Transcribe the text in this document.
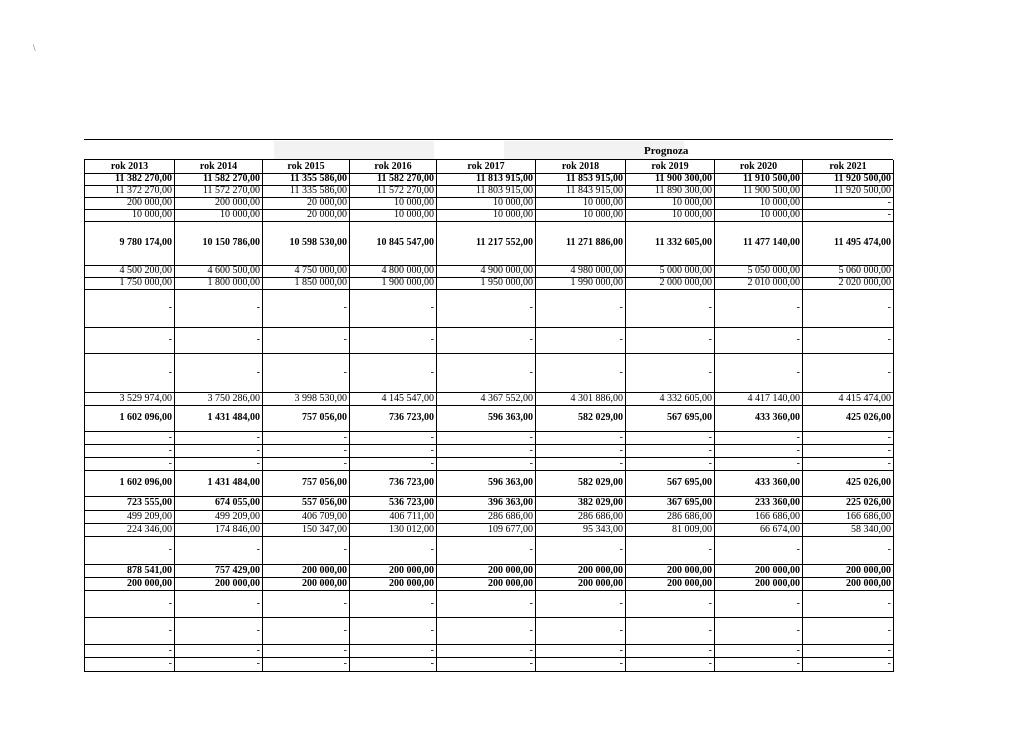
\
Prognoza
rok 2013	rok 2014	rok 2015	rok 2016	rok 2017	rok 2018	rok 2019	rok 2020	rok 2021
11 382 270,00	11 582 270,00	11 355 586,00	11 582 270,00	11 813 915,00	11 853 915,00	11 900 300,00	11 910 500,00	11 920 500,00
11 372 270,00	11 572 270,00	11 335 586,00	11 572 270,00	11 803 915,00	11 843 915,00	11 890 300,00	11 900 500,00	11 920 500,00
200 000,00	200 000,00	20 000,00	10 000,00	10 000,00	10 000,00	10 000,00	10 000,00	-
10 000,00	10 000,00	20 000,00	10 000,00	10 000,00	10 000,00	10 000,00	10 000,00	-
9 780 174,00	10 150 786,00	10 598 530,00	10 845 547,00	11 217 552,00	11 271 886,00	11 332 605,00	11 477 140,00	11 495 474,00
4 500 200,00	4 600 500,00	4 750 000,00	4 800 000,00	4 900 000,00	4 980 000,00	5 000 000,00	5 050 000,00	5 060 000,00
1 750 000,00	1 800 000,00	1 850 000,00	1 900 000,00	1 950 000,00	1 990 000,00	2 000 000,00	2 010 000,00	2 020 000,00
-	-	-	-	-	-	-	-	-
-	-	-	-	-	-	-	-	-
-	-	-	-	-	-	-	-	-
3 529 974,00	3 750 286,00	3 998 530,00	4 145 547,00	4 367 552,00	4 301 886,00	4 332 605,00	4 417 140,00	4 415 474,00
1 602 096,00	1 431 484,00	757 056,00	736 723,00	596 363,00	582 029,00	567 695,00	433 360,00	425 026,00
-	-	-	-	-	-	-	-	-
-	-	-	-	-	-	-	-	-
-	-	-	-	-	-	-	-	-
1 602 096,00	1 431 484,00	757 056,00	736 723,00	596 363,00	582 029,00	567 695,00	433 360,00	425 026,00
723 555,00	674 055,00	557 056,00	536 723,00	396 363,00	382 029,00	367 695,00	233 360,00	225 026,00
499 209,00	499 209,00	406 709,00	406 711,00	286 686,00	286 686,00	286 686,00	166 686,00	166 686,00
224 346,00	174 846,00	150 347,00	130 012,00	109 677,00	95 343,00	81 009,00	66 674,00	58 340,00
-	-	-	-	-	-	-	-	-
878 541,00	757 429,00	200 000,00	200 000,00	200 000,00	200 000,00	200 000,00	200 000,00	200 000,00
200 000,00	200 000,00	200 000,00	200 000,00	200 000,00	200 000,00	200 000,00	200 000,00	200 000,00
-	-	-	-	-	-	-	-	-
-	-	-	-	-	-	-	-	-
-	-	-	-	-	-	-	-	-
-	-	-	-	-	-	-	-	-
